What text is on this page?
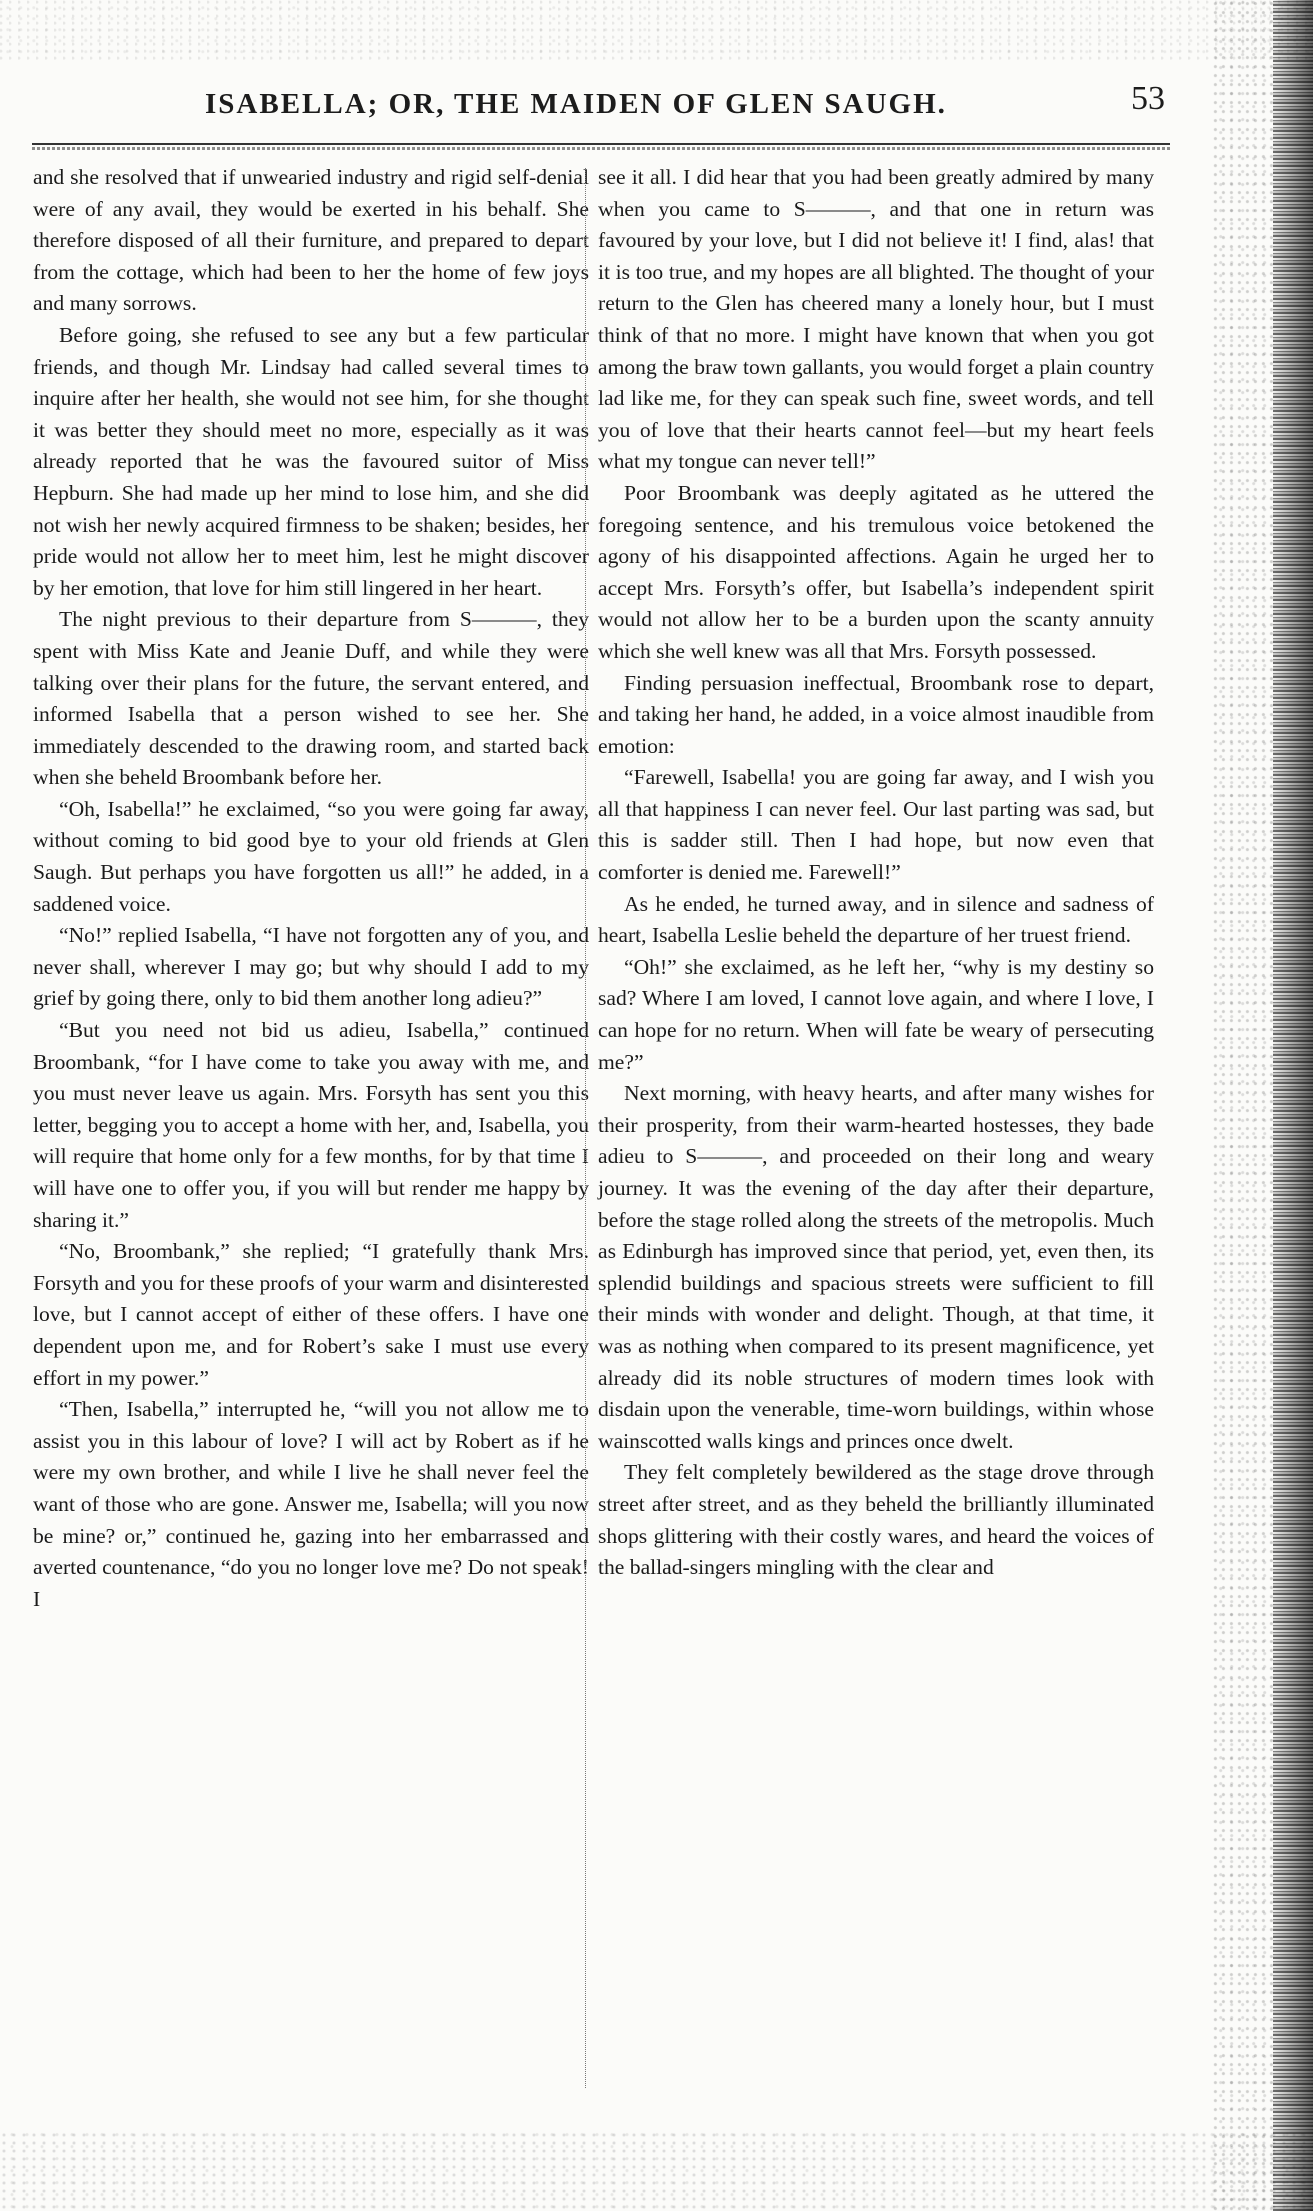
ISABELLA; OR, THE MAIDEN OF GLEN SAUGH.	53

and she resolved that if unwearied industry and rigid self-denial were of any avail, they would be exerted in his behalf. She therefore disposed of all their furniture, and prepared to depart from the cottage, which had been to her the home of few joys and many sorrows.

Before going, she refused to see any but a few particular friends, and though Mr. Lindsay had called several times to inquire after her health, she would not see him, for she thought it was better they should meet no more, especially as it was already reported that he was the favoured suitor of Miss Hepburn. She had made up her mind to lose him, and she did not wish her newly acquired firmness to be shaken; besides, her pride would not allow her to meet him, lest he might discover by her emotion, that love for him still lingered in her heart.

The night previous to their departure from S———, they spent with Miss Kate and Jeanie Duff, and while they were talking over their plans for the future, the servant entered, and informed Isabella that a person wished to see her. She immediately descended to the drawing room, and started back when she beheld Broombank before her.

“Oh, Isabella!” he exclaimed, “so you were going far away, without coming to bid good bye to your old friends at Glen Saugh. But perhaps you have forgotten us all!” he added, in a saddened voice.

“No!” replied Isabella, “I have not forgotten any of you, and never shall, wherever I may go; but why should I add to my grief by going there, only to bid them another long adieu?”

“But you need not bid us adieu, Isabella,” continued Broombank, “for I have come to take you away with me, and you must never leave us again. Mrs. Forsyth has sent you this letter, begging you to accept a home with her, and, Isabella, you will require that home only for a few months, for by that time I will have one to offer you, if you will but render me happy by sharing it.”

“No, Broombank,” she replied; “I gratefully thank Mrs. Forsyth and you for these proofs of your warm and disinterested love, but I cannot accept of either of these offers. I have one dependent upon me, and for Robert’s sake I must use every effort in my power.”

“Then, Isabella,” interrupted he, “will you not allow me to assist you in this labour of love? I will act by Robert as if he were my own brother, and while I live he shall never feel the want of those who are gone. Answer me, Isabella; will you now be mine? or,” continued he, gazing into her embarrassed and averted countenance, “do you no longer love me? Do not speak! I

see it all. I did hear that you had been greatly admired by many when you came to S———, and that one in return was favoured by your love, but I did not believe it! I find, alas! that it is too true, and my hopes are all blighted. The thought of your return to the Glen has cheered many a lonely hour, but I must think of that no more. I might have known that when you got among the braw town gallants, you would forget a plain country lad like me, for they can speak such fine, sweet words, and tell you of love that their hearts cannot feel—but my heart feels what my tongue can never tell!”

Poor Broombank was deeply agitated as he uttered the foregoing sentence, and his tremulous voice betokened the agony of his disappointed affections. Again he urged her to accept Mrs. Forsyth’s offer, but Isabella’s independent spirit would not allow her to be a burden upon the scanty annuity which she well knew was all that Mrs. Forsyth possessed.

Finding persuasion ineffectual, Broombank rose to depart, and taking her hand, he added, in a voice almost inaudible from emotion:

“Farewell, Isabella! you are going far away, and I wish you all that happiness I can never feel. Our last parting was sad, but this is sadder still. Then I had hope, but now even that comforter is denied me. Farewell!”

As he ended, he turned away, and in silence and sadness of heart, Isabella Leslie beheld the departure of her truest friend.

“Oh!” she exclaimed, as he left her, “why is my destiny so sad? Where I am loved, I cannot love again, and where I love, I can hope for no return. When will fate be weary of persecuting me?”

Next morning, with heavy hearts, and after many wishes for their prosperity, from their warm-hearted hostesses, they bade adieu to S———, and proceeded on their long and weary journey. It was the evening of the day after their departure, before the stage rolled along the streets of the metropolis. Much as Edinburgh has improved since that period, yet, even then, its splendid buildings and spacious streets were sufficient to fill their minds with wonder and delight. Though, at that time, it was as nothing when compared to its present magnificence, yet already did its noble structures of modern times look with disdain upon the venerable, time-worn buildings, within whose wainscotted walls kings and princes once dwelt.

They felt completely bewildered as the stage drove through street after street, and as they beheld the brilliantly illuminated shops glittering with their costly wares, and heard the voices of the ballad-singers mingling with the clear and
